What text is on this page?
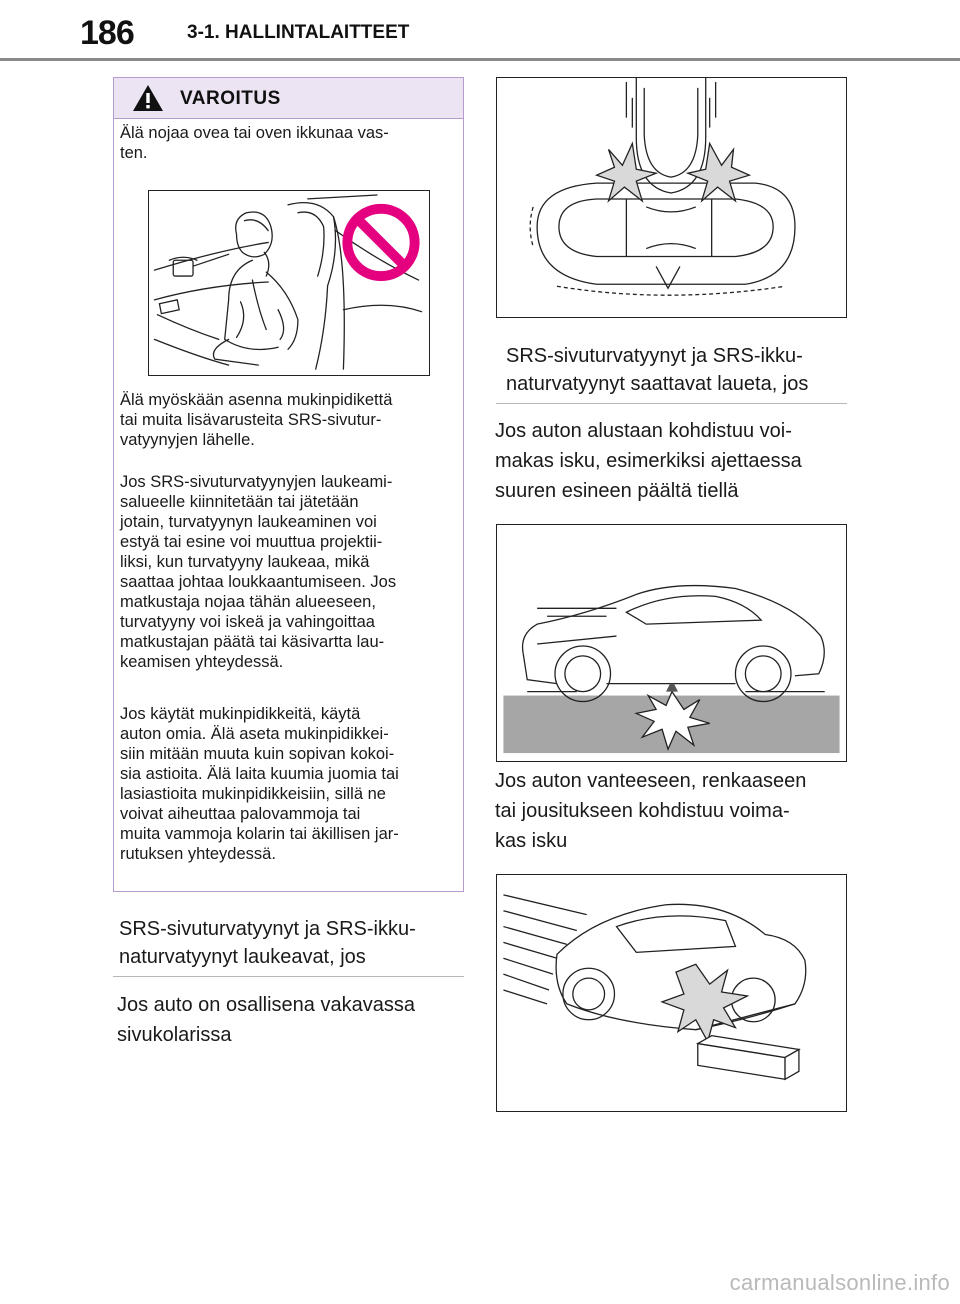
186	3-1. HALLINTALAITTEET
VAROITUS
Älä nojaa ovea tai oven ikkunaa vas-
ten.
Älä myöskään asenna mukinpidikettä
tai muita lisävarusteita SRS-sivutur-
vatyynyjen lähelle.
Jos SRS-sivuturvatyynyjen laukeami-
salueelle kiinnitetään tai jätetään
jotain, turvatyynyn laukeaminen voi
estyä tai esine voi muuttua projektii-
liksi, kun turvatyyny laukeaa, mikä
saattaa johtaa loukkaantumiseen. Jos
matkustaja nojaa tähän alueeseen,
turvatyyny voi iskeä ja vahingoittaa
matkustajan päätä tai käsivartta lau-
keamisen yhteydessä.
Jos käytät mukinpidikkeitä, käytä
auton omia. Älä aseta mukinpidikkei-
siin mitään muuta kuin sopivan kokoi-
sia astioita. Älä laita kuumia juomia tai
lasiastioita mukinpidikkeisiin, sillä ne
voivat aiheuttaa palovammoja tai
muita vammoja kolarin tai äkillisen jar-
rutuksen yhteydessä.
SRS-sivuturvatyynyt ja SRS-ikku-
naturvatyynyt laukeavat, jos
Jos auto on osallisena vakavassa
sivukolarissa
SRS-sivuturvatyynyt ja SRS-ikku-
naturvatyynyt saattavat laueta, jos
Jos auton alustaan kohdistuu voi-
makas isku, esimerkiksi ajettaessa
suuren esineen päältä tiellä
Jos auton vanteeseen, renkaaseen
tai jousitukseen kohdistuu voima-
kas isku
carmanualsonline.info
